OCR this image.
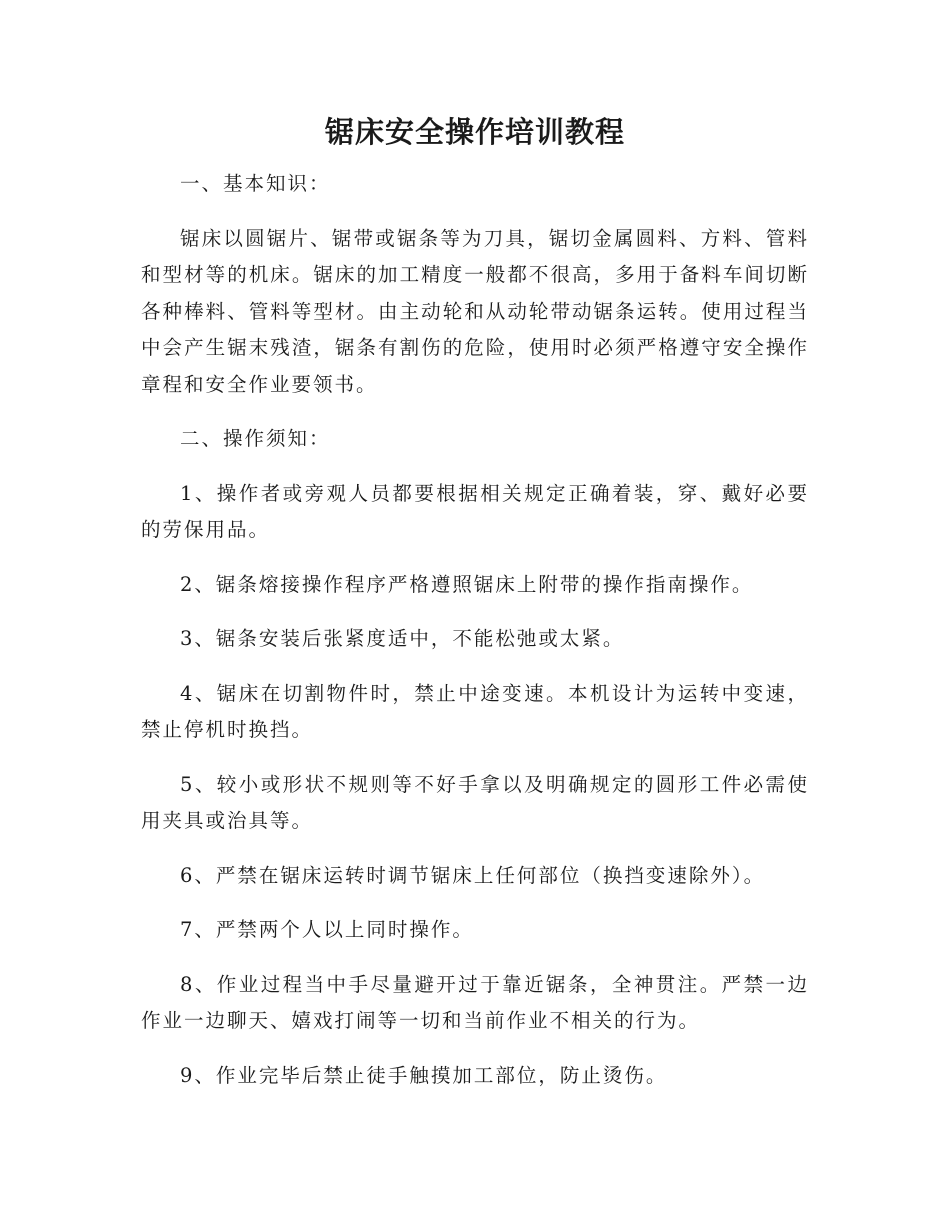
锯床安全操作培训教程

一、基本知识：

锯床以圆锯片、锯带或锯条等为刀具，锯切金属圆料、方料、管料和型材等的机床。锯床的加工精度一般都不很高，多用于备料车间切断各种棒料、管料等型材。由主动轮和从动轮带动锯条运转。使用过程当中会产生锯末残渣，锯条有割伤的危险，使用时必须严格遵守安全操作章程和安全作业要领书。

二、操作须知：

1、操作者或旁观人员都要根据相关规定正确着装，穿、戴好必要的劳保用品。

2、锯条熔接操作程序严格遵照锯床上附带的操作指南操作。

3、锯条安装后张紧度适中，不能松弛或太紧。

4、锯床在切割物件时，禁止中途变速。本机设计为运转中变速，禁止停机时换挡。

5、较小或形状不规则等不好手拿以及明确规定的圆形工件必需使用夹具或治具等。

6、严禁在锯床运转时调节锯床上任何部位（换挡变速除外）。

7、严禁两个人以上同时操作。

8、作业过程当中手尽量避开过于靠近锯条，全神贯注。严禁一边作业一边聊天、嬉戏打闹等一切和当前作业不相关的行为。

9、作业完毕后禁止徒手触摸加工部位，防止烫伤。
